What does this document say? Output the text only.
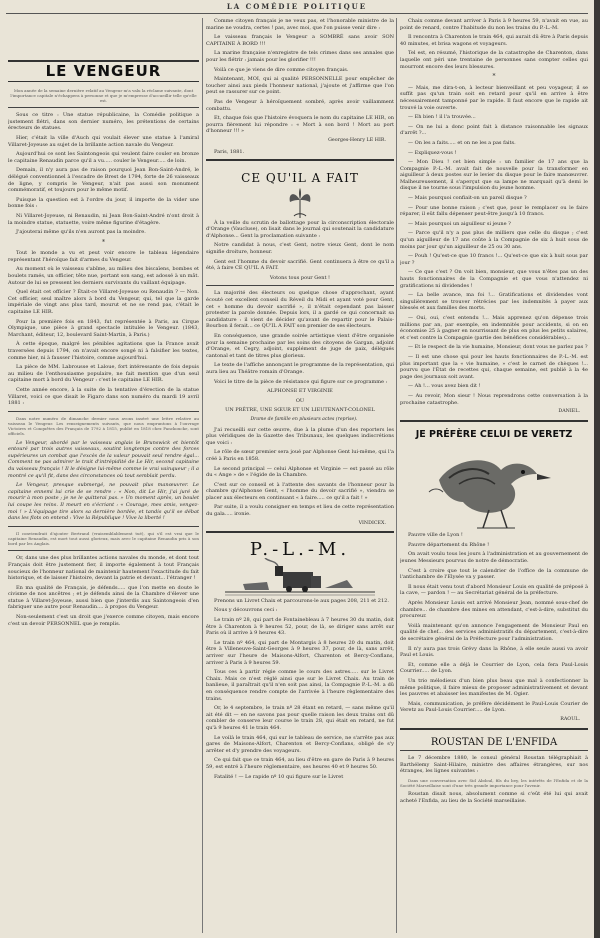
LA COMÉDIE POLITIQUE
LE VENGEUR

Mon année de la semaine dernière relatif au Vengeur m'a valu la réclame suivante, dont l'importance capitale n'échappera à personne et que je m'empresse d'accueillir telle qu'elle est.

Sous ce titre : Une statue républicaine, la Comédie politique a justement flétri, dans son dernier numéro, les prétentions de certains érecteurs de statues.

Hier, c'était la ville d'Auch qui voulait élever une statue à l'amiral Villaret-Joyeuse au sujet de la brillante action navale du Vengeur.

Aujourd'hui ce sont les Saintongeois qui veulent faire couler en bronze le capitaine Renaudin parce qu'il a vu..... couler le Vengeur..... de loin.

Demain, il n'y aura pas de raison pourquoi Jean Bon-Saint-André, le délégué conventionnel à l'escadre de Brest de 1794, forte de 26 vaisseaux de ligne, y compris le Vengeur, n'ait pas aussi son monument commémoratif, et toujours pour le même motif.

Puisque la question est à l'ordre du jour, il importe de la vider une bonne fois :

Ni Villaret-Joyeuse, ni Renaudin, ni Jean Bon-Saint-André n'ont droit à la moindre statue, statuette, voire même figurine d'étagère.

J'ajouterai même qu'ils n'en auront pas la moindre.

*

Tout le monde a vu et peut voir encore le tableau légendaire représentant l'héroïque fait d'armes du Vengeur.

Au moment où le vaisseau s'abîme, au milieu des biscaïens, bombes et boulets ramés, un officier, tête nue, portant son sang, est adossé à un mât. Autour de lui se pressent les derniers survivants du vaillant équipage.

Quel était cet officier ? Était-ce Villaret-Joyeuse ou Renaudin ? — Non. Cet officier, seul maître alors à bord du Vengeur, qui, tel que la garde impériale de vingt ans plus tard, mourut et ne se rend pas, c'était le capitaine LE HIR.

Pour la première fois en 1843, fut représentée à Paris, au Cirque Olympique, une pièce à grand spectacle intitulée le Vengeur. (1843, Marchant, éditeur, 12, boulevard Saint-Martin, à Paris.)

À cette époque, malgré les pénibles agitations que la France avait traversées depuis 1794, on n'avait encore songé ni à falsifier les textes, comme hier, ni à fausser l'histoire, comme aujourd'hui.

La pièce de MM. Labrousse et Laloue, fort intéressante de fois depuis au milieu de l'enthousiasme populaire, ne fait mention que d'un seul capitaine mort à bord du Vengeur : c'est le capitaine LE HIR.

Cette année encore, à la suite de la tentative d'érection de la statue Villaret, voici ce que disait le Figaro dans son numéro du mardi 19 avril 1881 :

Dans notre numéro de dimanche dernier nous avons inséré une lettre relative au vaisseau le Vengeur. Les renseignements suivants, que nous empruntons à l'ouvrage Victoires et Conquêtes des Français de 1792 à 1815, publié en 1818 chez Panckoucke, sont officiels.

Le Vengeur, abordé par le vaisseau anglais le Brunswick et bientôt entouré par trois autres vaisseaux, soutint longtemps contre des forces supérieures un combat que l'excès de la valeur pouvait seul rendre égal... Comment ne pas admirer le trait d'intrépidité de Le Hir, second capitaine du vaisseau français ! Il le désigne lui-même comme le vrai vainqueur ; il a montré ce qu'il fit, dans des circonstances où tout semblait perdu.

Le Vengeur, presque submergé, ne pouvait plus manœuvrer. Le capitaine ennemi lui crie de se rendre : « Non, dit Le Hir, j'ai juré de mourir à mon poste ; je ne le quitterai pas. » Un moment après, un boulet lui coupe les reins. Il meurt en s'écriant : « Courage, mes amis, vengez-moi ! » L'équipage tire alors sa dernière bordée, et tandis qu'il se débat dans les flots on entend : Vive la République ! Vive la liberté !

Il conviendrait d'ajouter Bertrand (vraisemblablement tué), qui s'il est vrai que le capitaine Renaudin, est mort tout aussi glorieux, mais avec le capitaine Renaudin pris à son bord par les Anglais.

Or, dans une des plus brillantes actions navales du monde, et dont tout Français doit être justement fier, il importe également à tout Français soucieux de l'honneur national de maintenir hautement l'exactitude du fait historique, et de laisser l'histoire, devant la patrie et devant... l'étranger !

En ma qualité de Français, je défends..... que l'on mette en doute le civisme de nos ancêtres ; et je défends ainsi de la Chambre d'élever une statue à Villaret-Joyeuse, aussi bien que j'interdis aux Saintongeois d'en fabriquer une autre pour Renaudin.... à propos du Vengeur.

Non-seulement c'est un droit que j'exerce comme citoyen, mais encore c'est un devoir PERSONNEL que je remplis.

Comme citoyen français je ne veux pas, et l'honorable ministre de la marine ne voudra, certes ! pas, avec moi, que l'on puisse venir dire :

Le vaisseau français le Vengeur a SOMBRÉ sans avoir SON CAPITAINE À BORD !!!

La marine française n'enregistre de tels crimes dans ses annales que pour les flétrir : jamais pour les glorifier !!!

Voilà ce que je viens de dire comme citoyen français.

Maintenant, MOI, qui ai qualité PERSONNELLE pour empêcher de toucher ainsi aux pieds l'honneur national, j'ajoute et j'affirme que l'on peut se rassurer sur ce point.

Pas de Vengeur à héroïquement sombré, après avoir vaillamment combattu.

Et, chaque fois que l'histoire évoquera le nom du capitaine LE HIR, on pourra fièrement lui répondre : « Mort à son bord ! Mort au port d'honneur !!! »

Georges-Henry LE HIR.

Paris, 1881.

CE QU'IL A FAIT

À la veille du scrutin de ballottage pour la circonscription électorale d'Orange (Vaucluse), on lisait dans le journal qui soutenait la candidature d'Alphonse... Gent la proclamation suivante :

Notre candidat à nous, c'est Gent, notre vieux Gent, dont le nom signifie droiture, honneur.

Gent est l'homme du devoir sacrifié. Gent continuera à être ce qu'il a été, à faire CE QU'IL A FAIT.

Votons tous pour Gent !

La majorité des électeurs ou quelque chose d'approchant, ayant écouté cet excellent conseil du Réveil du Midi et ayant voté pour Gent, cet « homme du devoir sacrifié », il n'était cependant pas laisser protester la parole donnée. Depuis lors, il a gardé ce qui concernait sa candidature : il vient de décider qu'avant de repartir pour le Palais-Bourbon il ferait... ce QU'IL A FAIT son premier de ses électeurs.

En conséquence, une grande soirée artistique vient d'être organisée pour la semaine prochaine par les soins des citoyens de Gargan, adjoint d'Orange, et Cegry, adjoint, supplément de juge de paix, délégués cantonal et tant de titres plus glorieux.

Le texte de l'affiche annonçant le programme de la représentation, qui aura lieu au Théâtre romain d'Orange.

Voici le titre de la pièce de résistance qui figure sur ce programme :

ALPHONSE ET VIRGINIE

OU

UN PRÊTRE, UNE SŒUR ET UN LIEUTENANT-COLONEL

Drame de famille en plusieurs actes (reprise).

J'ai recueilli sur cette œuvre, due à la plume d'un des reporters les plus véridiques de la Gazette des Tribunaux, les quelques indiscrétions que voici :

Le rôle de sœur premier sera joué par Alphonse Gent lui-même, qui l'a créé à Paris en 1858.

Le second principal — celui Alphonse et Virginie — est passé au rôle du « Ange » de « l'égide de la Chambre.

C'est sur ce conseil et à l'attente des savants de l'honneur pour la chambre qu'Alphonse Gent, « l'homme du devoir sacrifié », viendra se placer aux électeurs en continuant « à faire..... ce qu'il a fait ! »

Par suite, il a voulu consigner en temps et lieu de cette représentation du gala..... ironie.

VINDICEX.
P.-L.-M.

Prenons un Livret Chaix et parcourons-le aux pages 208, 211 et 212.

Nous y découvrons ceci :

Le train nº 28, qui part de Fontainebleau à 7 heures 30 du matin, doit être à Charenton à 9 heures 52, pour, de là, se diriger sans arrêt sur Paris où il arrive à 9 heures 43.

Le train nº 464, qui part de Montargis à 8 heures 20 du matin, doit être à Villeneuve-Saint-Georges à 9 heures 37, pour, de là, sans arrêt, arriver sur l'heure de Maisons-Alfort, Charenton et Bercy-Conflans, arriver à Paris à 9 heures 59.

Tous ces à partir régie comme le cours des astres..... sur le Livret Chaix. Mais ce n'est réglé ainsi que sur le Livret Chaix. Au train de banlieue, il paraîtrait qu'il n'en soit pas ainsi, la Compagnie P.-L.-M. a dû en conséquence rendre compte de l'arrivée à l'heure règlementaire des trains.

Or, le 4 septembre, le train nº 28 étant en retard, — sans même qu'il ait été dit — en ne savons pas pour quelle raison les deux trains ont dû combler de conserve leur course le train 28, qui était en retard, ne fut qu'à 9 heures 41 le train 464.

Le voilà le train 464, qui sur le tableau de service, ne s'arrête pas aux gares de Maisons-Alfort, Charenton et Bercy-Conflans, obligé de s'y arrêter et d'y prendre des voyageurs.

Ce qui fait que ce train 464, au lieu d'être en gare de Paris à 9 heures 59, est entré à l'heure règlementaire, ses heures 40 et 9 heures 50.

Fatalité ! — Le rapide nº 10 qui figure sur le Livret

Chaix comme devant arriver à Paris à 9 heures 59, n'avait en vue, au point de renard, contre l'habitude du non les trains du P.-L.-M.

Il rencontra à Charenton le train 464, qui aurait dû être à Paris depuis 40 minutes, et brisa wagons et voyageurs.

Tel est, en résumé, l'historique de la catastrophe de Charenton, dans laquelle ont péri une trentaine de personnes sans compter celles qui mourront encore des leurs blessures.

*

— Mais, me dira-t-on, à lecteur bienveillant et peu voyageur, il se suffit pas qu'un train soit en retard pour qu'il en arrive à être nécessairement tamponné par le rapide. Il faut encore que le rapide ait trouvé la voie ouverte.

— Eh bien ! il l'a trouvée...

— On ne lui a donc point fait à distance raisonnable les signaux d'arrêt ?...

— On les a faits..... et on ne les a pas faits.

— Expliquez-vous !

— Mon Dieu ! cet bien simple : un familier de 17 ans que la Compagnie P.-L.-M. avait fait de nouvelle pour la transformer en aiguilleur à deux postes sur le levier du disque pour le faire manœuvrer. Malheureusement, il s'aperçut que sa lampe ne marquait qu'à demi le disque il ne tourne sous l'impulsion du jeune homme.

— Mais pourquoi confiait-on un pareil disque ?

— Pour une bonne raison ; c'est que, pour le remplacer ou le faire réparer, il eût fallu dépenser peut-être jusqu'à 10 francs.

— Mais pourquoi un aiguilleur si jeune ?

— Parce qu'il n'y a pas plus de milliers que celle du disque ; c'est qu'un aiguilleur de 17 ans coûte à la Compagnie de six à huit sous de moins par jour qu'un aiguilleur de 25 ou 30 ans.

— Pouh ! Qu'est-ce que 10 francs !... Qu'est-ce que six à huit sous par jour ?

— Ce que c'est ? On voit bien, monsieur, que vous n'êtes pas un des hauts fonctionnaires de la Compagnie et que vous n'attendez ni gratifications ni dividendes !

— La belle avance, ma foi !... Gratifications et dividendes vont singulièrement se trouver rétrécies par les indemnités à payer aux blessés et aux familles des morts.

— Oui, oui, c'est entendu !... Mais apprenez qu'on dépense trois millions par an, par exemple, en indemnités pour accidents, si on en économise 25 à gagner en nourrissant de plus en plus les petits salaires, et c'est contre la Compagnie (partie des bénéfices considérables)...

— Et le respect de la vie humaine, Monsieur, dont vous ne parlez pas ?

— Il est une chose qui pour les hauts fonctionnaires de P.-L.-M. est plus important que la « vie humaine, » c'est le carnet de chèques !... pourvu que l'État de recettes qui, chaque semaine, est publié à la 4e page des journaux soit avant.

— Ah !... vous avez bien dit !

— Au revoir, Mon sieur ! Nous reprendrons cette conversation à la prochaine catastrophe.

DANIEL.
JE PRÉFÈRE CELUI DE VERETZ

Pauvre ville de Lyon !

Pauvre département du Rhône !

On avait voulu tous les jours à l'administration et au gouvernement de jeunes Messieurs pourvus de notre de démocratie.

C'est à croire que tout le calendrier de l'office de la commune de l'antichambre de l'Elysée va y passer.

Il nous était venu tout d'abord Monsieur Louis en qualité de préposé à la cave, — pardon ! — au Secrétariat général de la préfecture.

Après Monsieur Louis est arrivé Monsieur Jean, nommé sous-chef de chambre... de chambre des mines en attendant, c'est-à-dire, substitut du procureur.

Voilà maintenant qu'on annonce l'engagement de Monsieur Paul en qualité de chef... des services administratifs du département, c'est-à-dire de secrétaire général de la Préfecture pour l'administration.

Il n'y aura pas trois Grévy dans la Rhône, à elle seule aussi va avoir Paul et Louis.

Et, comme elle a déjà le Courrier de Lyon, cela fera Paul-Louis Courrier..... de Lyon.

Un trio mélodieux d'un bien plus beau que mal à confectionner la même politique, il faire mieux de proposer administrativement et devant les pauvres et abaisser les manifestes de M. Ogier.

Mais, communication, je préfère décidément le Paul-Louis Courier de Veretz au Paul-Louis Courrier..... de Lyon.

RAOUL.
ROUSTAN DE L'ENFIDA

Le 7 décembre 1880, le consul général Roustan télégraphiait à Barthélemy Saint-Hilaire, ministre des affaires étrangères, sur nos étranges, les lignes suivantes :

Dans une conversation avec Sid Abdoul, fils du bey, les intérêts de l'Enfida et de la Société Marseillaise sont d'une très grande importance pour l'avenir.

Roustan disait nous, absolument comme si c'eût été lui qui avait acheté l'Enfida, au lieu de la Société marseillaise.
